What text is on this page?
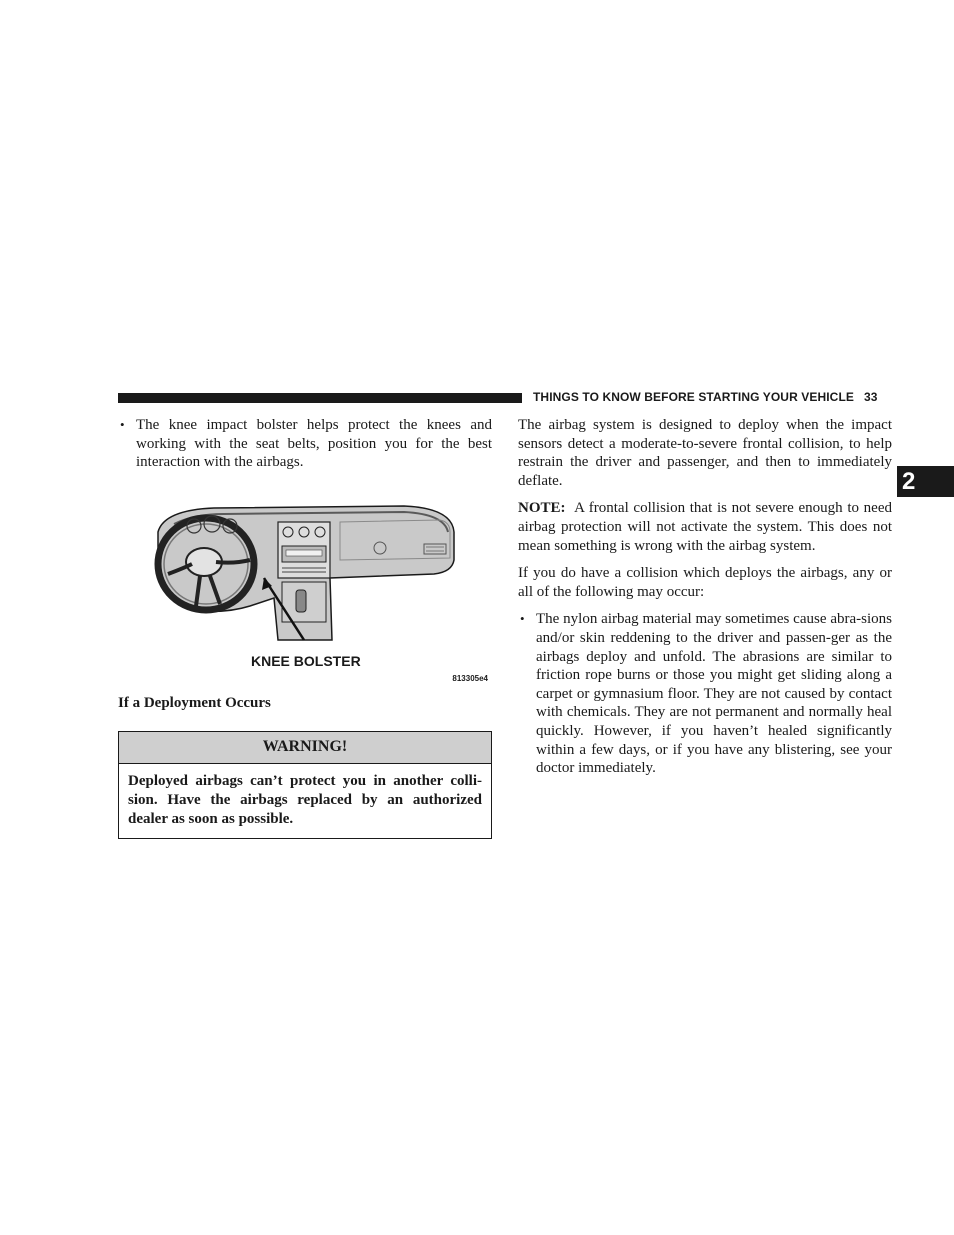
THINGS TO KNOW BEFORE STARTING YOUR VEHICLE 33
2
• The knee impact bolster helps protect the knees and working with the seat belts, position you for the best interaction with the airbags.
KNEE BOLSTER
813305e4

If a Deployment Occurs

WARNING!

Deployed airbags can’t protect you in another colli-sion. Have the airbags replaced by an authorized dealer as soon as possible.

The airbag system is designed to deploy when the impact sensors detect a moderate-to-severe frontal collision, to help restrain the driver and passenger, and then to immediately deflate.

NOTE: A frontal collision that is not severe enough to need airbag protection will not activate the system. This does not mean something is wrong with the airbag system.

If you do have a collision which deploys the airbags, any or all of the following may occur:

• The nylon airbag material may sometimes cause abra-sions and/or skin reddening to the driver and passen-ger as the airbags deploy and unfold. The abrasions are similar to friction rope burns or those you might get sliding along a carpet or gymnasium floor. They are not caused by contact with chemicals. They are not permanent and normally heal quickly. However, if you haven’t healed significantly within a few days, or if you have any blistering, see your doctor immediately.
